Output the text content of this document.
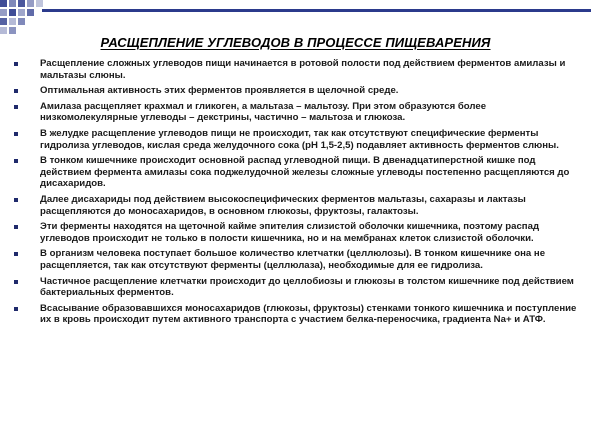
РАСЩЕПЛЕНИЕ УГЛЕВОДОВ В ПРОЦЕССЕ ПИЩЕВАРЕНИЯ
Расщепление сложных углеводов пищи начинается в ротовой полости под действием ферментов амилазы и мальтазы слюны.
Оптимальная активность этих ферментов проявляется в щелочной среде.
Амилаза расщепляет крахмал и гликоген, а мальтаза – мальтозу. При этом образуются более низкомолекулярные углеводы – декстрины, частично – мальтоза и глюкоза.
В желудке расщепление углеводов пищи не происходит, так как отсутствуют специфические ферменты гидролиза углеводов, кислая среда желудочного сока (рН 1,5-2,5) подавляет активность ферментов слюны.
В тонком кишечнике происходит основной распад углеводной пищи. В двенадцатиперстной кишке под действием фермента амилазы сока поджелудочной железы сложные углеводы постепенно расщепляются до дисахаридов.
Далее дисахариды под действием высокоспецифических ферментов мальтазы, сахаразы и лактазы расщепляются до моносахаридов, в основном глюкозы, фруктозы, галактозы.
Эти ферменты находятся на щеточной кайме эпителия слизистой оболочки кишечника, поэтому распад углеводов происходит не только в полости кишечника, но и на мембранах клеток слизистой оболочки.
В организм человека поступает большое количество клетчатки (целлюлозы). В тонком кишечнике она не расщепляется, так как отсутствуют ферменты (целлюлаза), необходимые для ее гидролиза.
Частичное расщепление клетчатки происходит до целлобиозы и глюкозы в толстом кишечнике под действием бактериальных ферментов.
Всасывание образовавшихся моносахаридов (глюкозы, фруктозы) стенками тонкого кишечника и поступление их в кровь происходит путем активного транспорта с участием белка-переносчика, градиента Na+ и АТФ.
